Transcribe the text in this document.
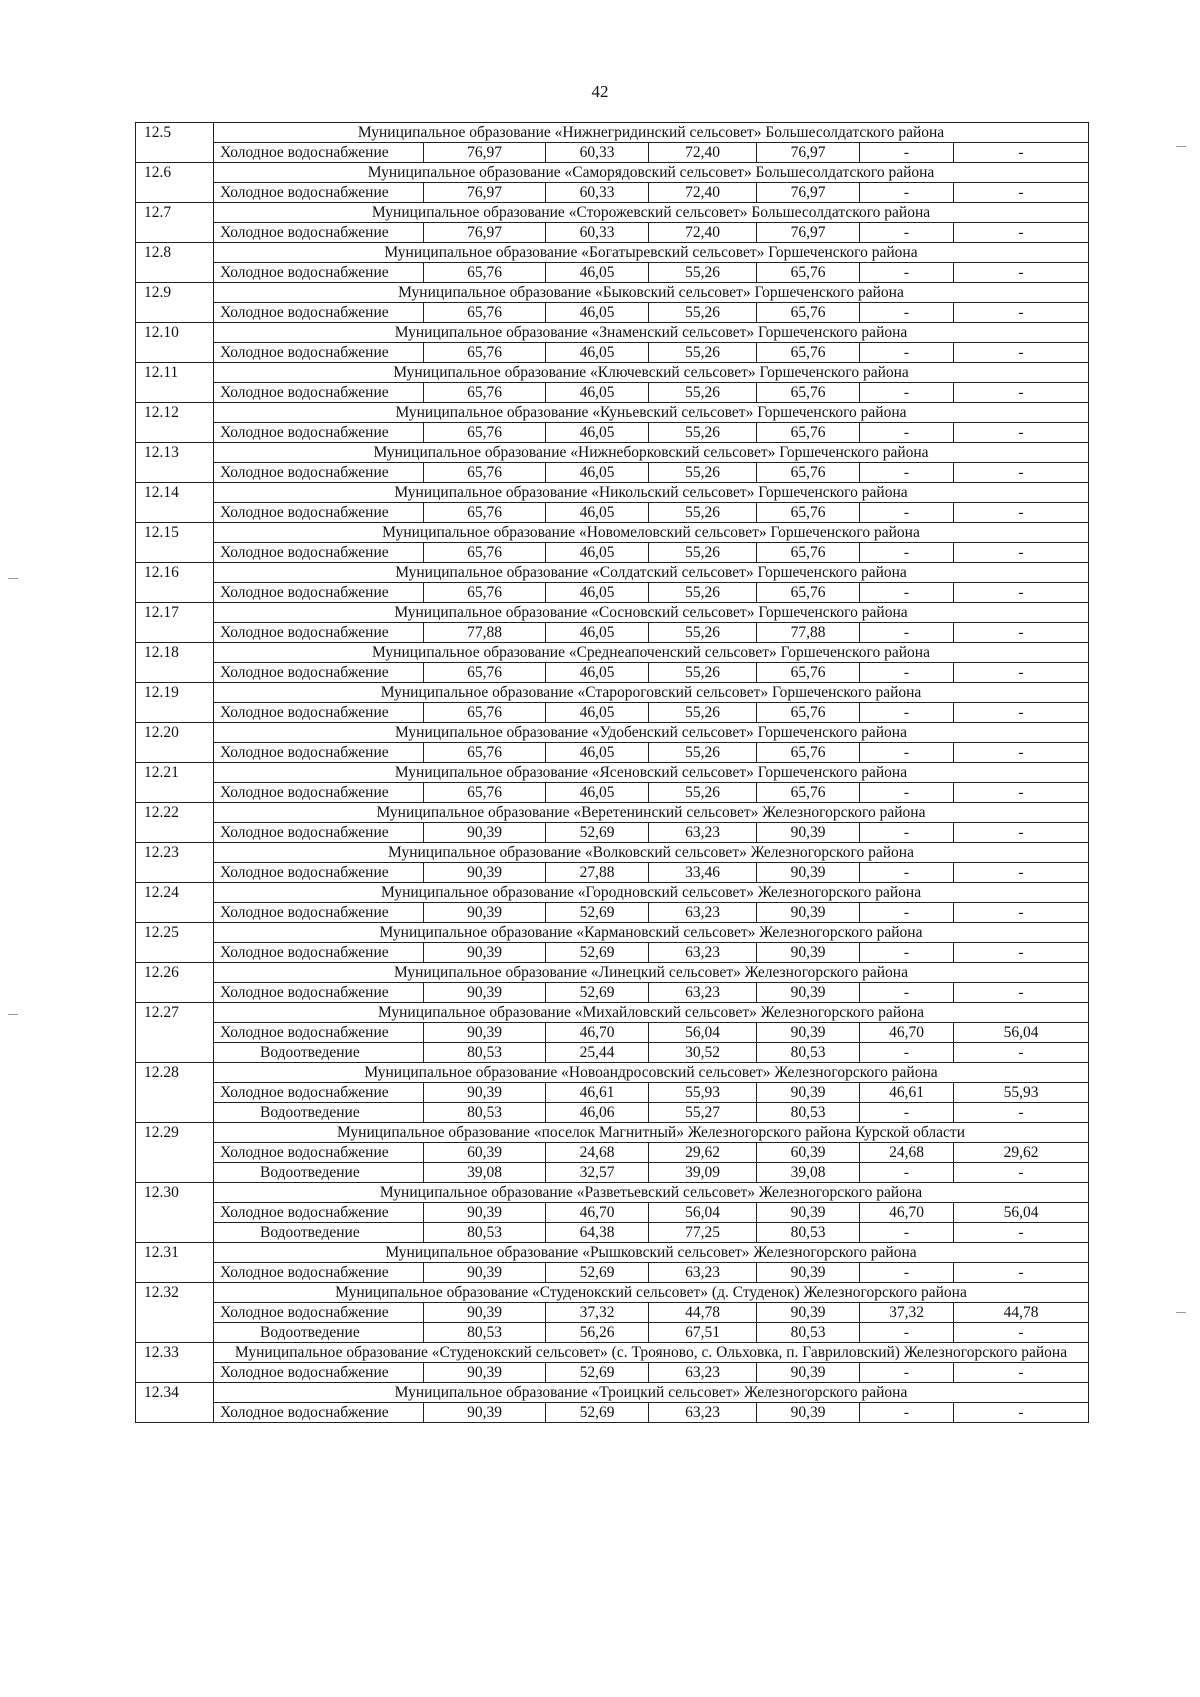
42
12.5	Муниципальное образование «Нижнегридинский сельсовет» Большесолдатского района						
	Холодное водоснабжение	76,97	60,33	72,40	76,97	-	-
12.6	Муниципальное образование «Саморядовский сельсовет» Большесолдатского района						
	Холодное водоснабжение	76,97	60,33	72,40	76,97	-	-
12.7	Муниципальное образование «Сторожевский сельсовет» Большесолдатского района						
	Холодное водоснабжение	76,97	60,33	72,40	76,97	-	-
12.8	Муниципальное образование «Богатыревский сельсовет» Горшеченского района						
	Холодное водоснабжение	65,76	46,05	55,26	65,76	-	-
12.9	Муниципальное образование «Быковский сельсовет» Горшеченского района						
	Холодное водоснабжение	65,76	46,05	55,26	65,76	-	-
12.10	Муниципальное образование «Знаменский сельсовет» Горшеченского района						
	Холодное водоснабжение	65,76	46,05	55,26	65,76	-	-
12.11	Муниципальное образование «Ключевский сельсовет» Горшеченского района						
	Холодное водоснабжение	65,76	46,05	55,26	65,76	-	-
12.12	Муниципальное образование «Куньевский сельсовет» Горшеченского района						
	Холодное водоснабжение	65,76	46,05	55,26	65,76	-	-
12.13	Муниципальное образование «Нижнеборковский сельсовет» Горшеченского района						
	Холодное водоснабжение	65,76	46,05	55,26	65,76	-	-
12.14	Муниципальное образование «Никольский сельсовет» Горшеченского района						
	Холодное водоснабжение	65,76	46,05	55,26	65,76	-	-
12.15	Муниципальное образование «Новомеловский сельсовет» Горшеченского района						
	Холодное водоснабжение	65,76	46,05	55,26	65,76	-	-
12.16	Муниципальное образование «Солдатский сельсовет» Горшеченского района						
	Холодное водоснабжение	65,76	46,05	55,26	65,76	-	-
12.17	Муниципальное образование «Сосновский сельсовет» Горшеченского района						
	Холодное водоснабжение	77,88	46,05	55,26	77,88	-	-
12.18	Муниципальное образование «Среднеапоченский сельсовет» Горшеченского района						
	Холодное водоснабжение	65,76	46,05	55,26	65,76	-	-
12.19	Муниципальное образование «Старороговский сельсовет» Горшеченского района						
	Холодное водоснабжение	65,76	46,05	55,26	65,76	-	-
12.20	Муниципальное образование «Удобенский сельсовет» Горшеченского района						
	Холодное водоснабжение	65,76	46,05	55,26	65,76	-	-
12.21	Муниципальное образование «Ясеновский сельсовет» Горшеченского района						
	Холодное водоснабжение	65,76	46,05	55,26	65,76	-	-
12.22	Муниципальное образование «Веретенинский сельсовет» Железногорского района						
	Холодное водоснабжение	90,39	52,69	63,23	90,39	-	-
12.23	Муниципальное образование «Волковский сельсовет» Железногорского района						
	Холодное водоснабжение	90,39	27,88	33,46	90,39	-	-
12.24	Муниципальное образование «Городновский сельсовет» Железногорского района						
	Холодное водоснабжение	90,39	52,69	63,23	90,39	-	-
12.25	Муниципальное образование «Кармановский сельсовет» Железногорского района						
	Холодное водоснабжение	90,39	52,69	63,23	90,39	-	-
12.26	Муниципальное образование «Линецкий сельсовет» Железногорского района						
	Холодное водоснабжение	90,39	52,69	63,23	90,39	-	-
12.27	Муниципальное образование «Михайловский сельсовет» Железногорского района						
	Холодное водоснабжение	90,39	46,70	56,04	90,39	46,70	56,04
	Водоотведение	80,53	25,44	30,52	80,53	-	-
12.28	Муниципальное образование «Новоандросовский сельсовет» Железногорского района						
	Холодное водоснабжение	90,39	46,61	55,93	90,39	46,61	55,93
	Водоотведение	80,53	46,06	55,27	80,53	-	-
12.29	Муниципальное образование «поселок Магнитный» Железногорского района Курской области						
	Холодное водоснабжение	60,39	24,68	29,62	60,39	24,68	29,62
	Водоотведение	39,08	32,57	39,09	39,08	-	-
12.30	Муниципальное образование «Разветьевский сельсовет» Железногорского района						
	Холодное водоснабжение	90,39	46,70	56,04	90,39	46,70	56,04
	Водоотведение	80,53	64,38	77,25	80,53	-	-
12.31	Муниципальное образование «Рышковский сельсовет» Железногорского района						
	Холодное водоснабжение	90,39	52,69	63,23	90,39	-	-
12.32	Муниципальное образование «Студенокский сельсовет» (д. Студенок) Железногорского района						
	Холодное водоснабжение	90,39	37,32	44,78	90,39	37,32	44,78
	Водоотведение	80,53	56,26	67,51	80,53	-	-
12.33	Муниципальное образование «Студенокский сельсовет» (с. Трояново, с. Ольховка, п. Гавриловский) Железногорского района						
	Холодное водоснабжение	90,39	52,69	63,23	90,39	-	-
12.34	Муниципальное образование «Троицкий сельсовет» Железногорского района						
	Холодное водоснабжение	90,39	52,69	63,23	90,39	-	-
